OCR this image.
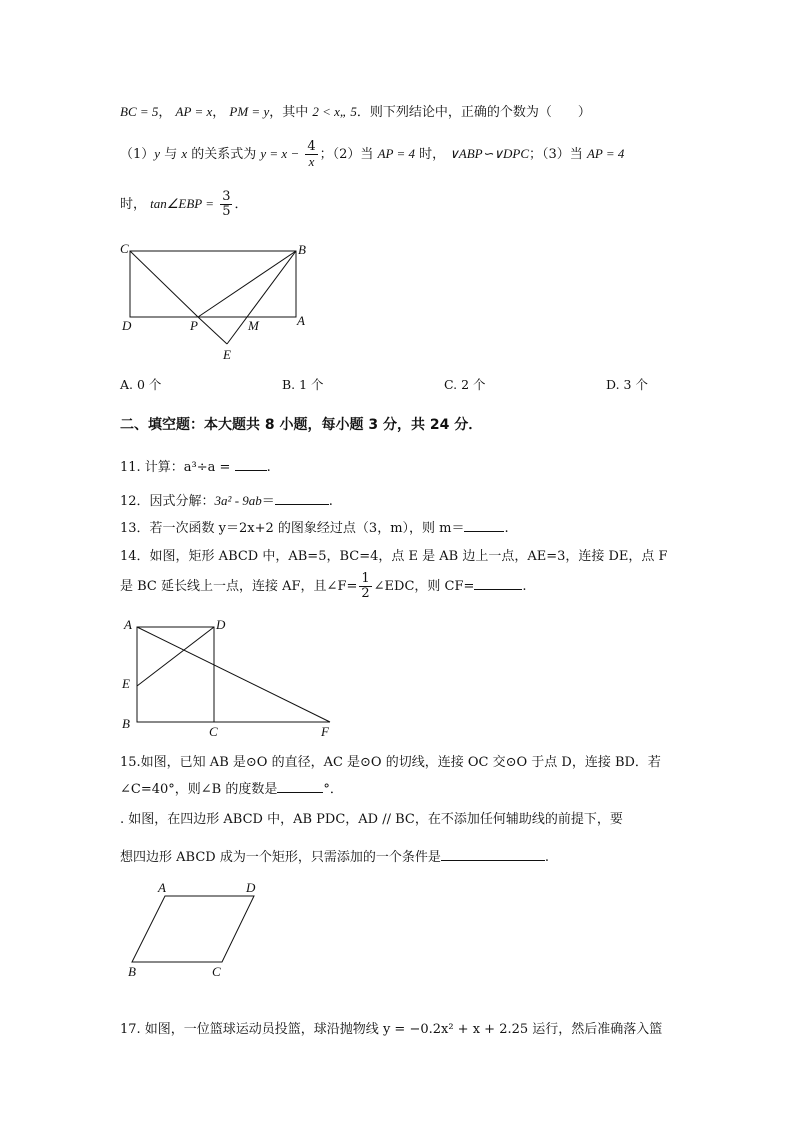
BC = 5， AP = x， PM = y，其中 2 < x„ 5．则下列结论中，正确的个数为（　　）
（1）y 与 x 的关系式为 $y = x - \frac{4}{x}$ ；（2）当 AP = 4 时， ∨ABP∽∨DPC；（3）当 AP = 4
时， tan∠EBP = $\frac{3}{5}$ ．
C	B
D	P	M	A
E
A. 0 个	B. 1 个	C. 2 个	D. 3 个
二、填空题：本大题共 8 小题，每小题 3 分，共 24 分．
11. 计算：a³÷a = .
12．因式分解：3a² - 9ab＝	.
13．若一次函数 y＝2x+2 的图象经过点（3，m），则 m＝	.
14．如图，矩形 ABCD 中，AB=5，BC=4，点 E 是 AB 边上一点，AE=3，连接 DE，点 F
是 BC 延长线上一点，连接 AF，且∠F= $\frac{1}{2}$ ∠EDC，则 CF=	.
A	D
E
B
C	F
15.如图，已知 AB 是⊙O 的直径，AC 是⊙O 的切线，连接 OC 交⊙O 于点 D，连接 BD．若
∠C=40°，则∠B 的度数是	°．
. 如图，在四边形 ABCD 中，AB PDC，AD // BC，在不添加任何辅助线的前提下，要
想四边形 ABCD 成为一个矩形，只需添加的一个条件是	.
A	D
B	C
17. 如图，一位篮球运动员投篮，球沿抛物线 y = −0.2x² + x + 2.25 运行，然后准确落入篮
